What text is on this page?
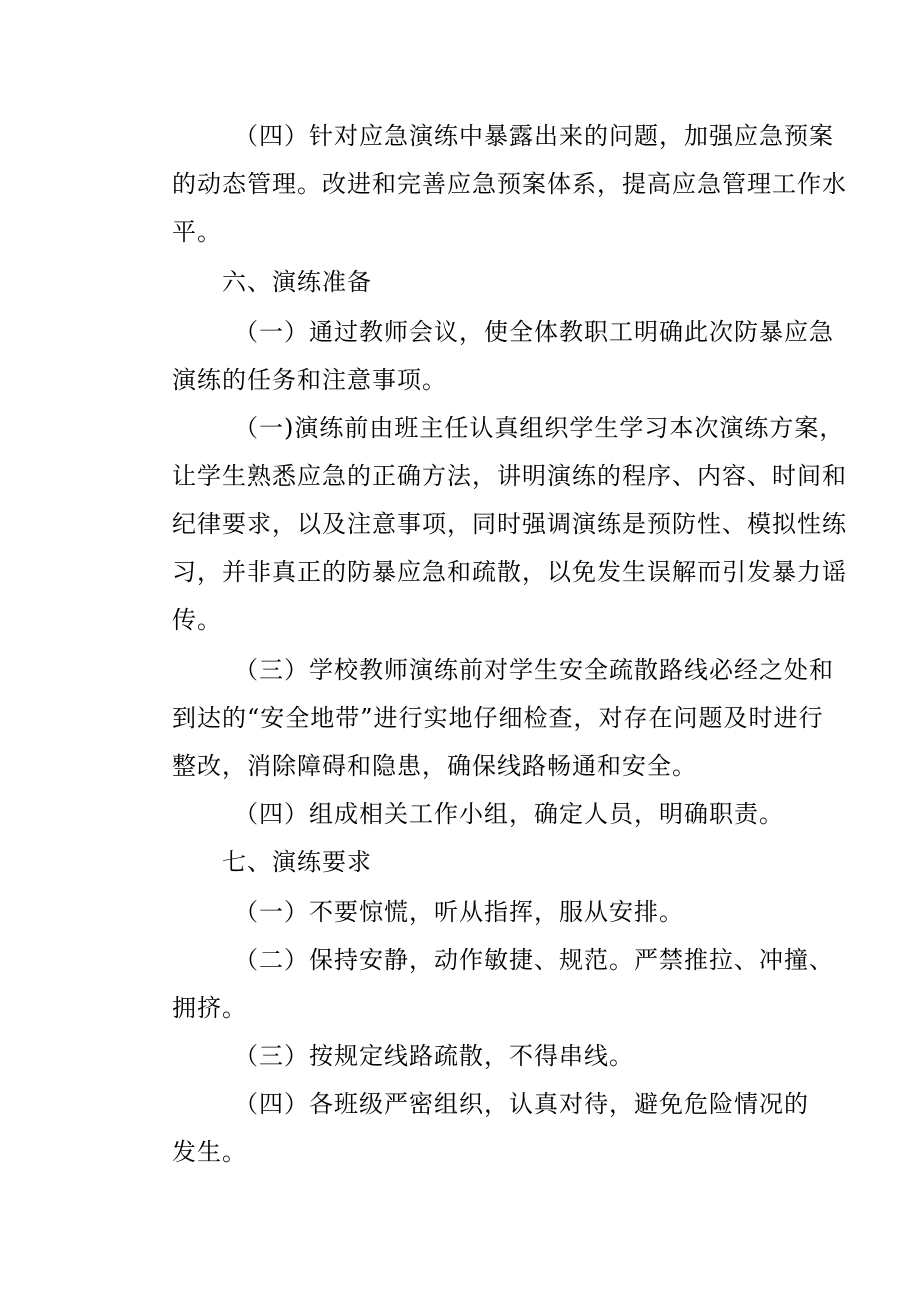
（四）针对应急演练中暴露出来的问题，加强应急预案
的动态管理。改进和完善应急预案体系，提高应急管理工作水
平。
六、演练准备
（一）通过教师会议，使全体教职工明确此次防暴应急
演练的任务和注意事项。
（一)演练前由班主任认真组织学生学习本次演练方案，
让学生熟悉应急的正确方法，讲明演练的程序、内容、时间和
纪律要求，以及注意事项，同时强调演练是预防性、模拟性练
习，并非真正的防暴应急和疏散，以免发生误解而引发暴力谣
传。
（三）学校教师演练前对学生安全疏散路线必经之处和
到达的“安全地带”进行实地仔细检查，对存在问题及时进行
整改，消除障碍和隐患，确保线路畅通和安全。
（四）组成相关工作小组，确定人员，明确职责。
七、演练要求
（一）不要惊慌，听从指挥，服从安排。
（二）保持安静，动作敏捷、规范。严禁推拉、冲撞、
拥挤。
（三）按规定线路疏散，不得串线。
（四）各班级严密组织，认真对待，避免危险情况的
发生。
